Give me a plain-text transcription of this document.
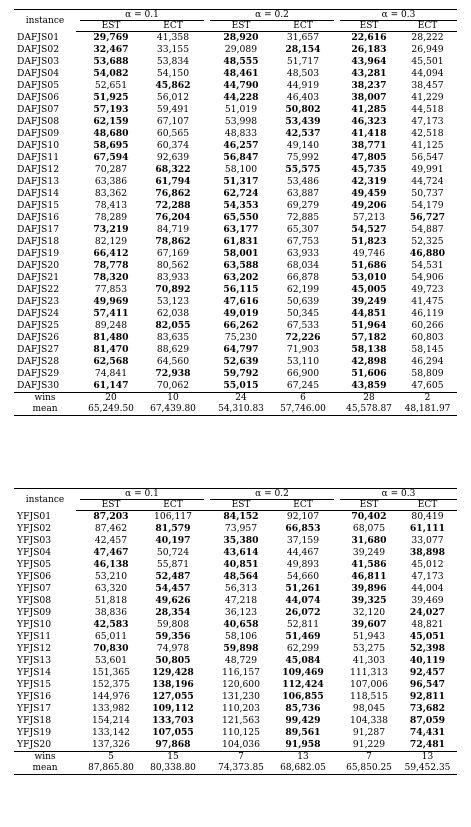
instance		α = 0.1			α = 0.2			α = 0.3	
		EST	ECT		EST	ECT		EST	ECT
DAFJS01		29,769	41,358		28,920	31,657		22,616	28,222
DAFJS02		32,467	33,155		29,089	28,154		26,183	26,949
DAFJS03		53,688	53,834		48,555	51,717		43,964	45,501
DAFJS04		54,082	54,150		48,461	48,503		43,281	44,094
DAFJS05		52,651	45,862		44,790	44,919		38,237	38,457
DAFJS06		51,925	56,012		44,228	46,403		38,007	41,229
DAFJS07		57,193	59,491		51,019	50,802		41,285	44,518
DAFJS08		62,159	67,107		53,998	53,439		46,323	47,173
DAFJS09		48,680	60,565		48,833	42,537		41,418	42,518
DAFJS10		58,695	60,374		46,257	49,140		38,771	41,125
DAFJS11		67,594	92,639		56,847	75,992		47,805	56,547
DAFJS12		70,287	68,322		58,100	55,575		45,735	49,991
DAFJS13		63,386	61,794		51,317	53,486		42,319	44,724
DAFJS14		83,362	76,862		62,724	63,887		49,459	50,737
DAFJS15		78,413	72,288		54,353	69,279		49,206	54,179
DAFJS16		78,289	76,204		65,550	72,885		57,213	56,727
DAFJS17		73,219	84,719		63,177	65,307		54,527	54,887
DAFJS18		82,129	78,862		61,831	67,753		51,823	52,325
DAFJS19		66,412	67,169		58,001	63,933		49,746	46,880
DAFJS20		78,778	80,562		63,588	68,034		51,686	54,531
DAFJS21		78,320	83,933		63,202	66,878		53,010	54,906
DAFJS22		77,853	70,892		56,115	62,199		45,005	49,723
DAFJS23		49,969	53,123		47,616	50,639		39,249	41,475
DAFJS24		57,411	62,038		49,019	50,345		44,851	46,119
DAFJS25		89,248	82,055		66,262	67,533		51,964	60,266
DAFJS26		81,480	83,635		75,230	72,226		57,182	60,803
DAFJS27		81,470	88,629		64,797	71,903		58,138	58,145
DAFJS28		62,568	64,560		52,639	53,110		42,898	46,294
DAFJS29		74,841	72,938		59,792	66,900		51,606	58,809
DAFJS30		61,147	70,062		55,015	67,245		43,859	47,605
wins		20	10		24	6		28	2
mean		65,249.50	67,439.80		54,310.83	57,746.00		45,578.87	48,181.97
instance		α = 0.1			α = 0.2			α = 0.3	
		EST	ECT		EST	ECT		EST	ECT
YFJS01		87,203	106,117		84,152	92,107		70,402	80,419
YFJS02		87,462	81,579		73,957	66,853		68,075	61,111
YFJS03		42,457	40,197		35,380	37,159		31,680	33,077
YFJS04		47,467	50,724		43,614	44,467		39,249	38,898
YFJS05		46,138	55,871		40,851	49,893		41,586	45,012
YFJS06		53,210	52,487		48,564	54,660		46,811	47,173
YFJS07		63,320	54,457		56,313	51,261		39,896	44,004
YFJS08		51,818	49,626		47,218	44,074		39,325	39,469
YFJS09		38,836	28,354		36,123	26,072		32,120	24,027
YFJS10		42,583	59,808		40,658	52,811		39,607	48,821
YFJS11		65,011	59,356		58,106	51,469		51,943	45,051
YFJS12		70,830	74,978		59,898	62,299		53,275	52,398
YFJS13		53,601	50,805		48,729	45,084		41,303	40,119
YFJS14		151,365	129,428		116,157	109,469		111,313	92,457
YFJS15		152,375	138,196		120,600	112,424		107,006	96,547
YFJS16		144,976	127,055		131,230	106,855		118,515	92,811
YFJS17		133,982	109,112		110,203	85,736		98,045	73,682
YFJS18		154,214	133,703		121,563	99,429		104,338	87,059
YFJS19		133,142	107,055		110,125	89,561		91,287	74,431
YFJS20		137,326	97,868		104,036	91,958		91,229	72,481
wins		5	15		7	13		7	13
mean		87,865.80	80,338.80		74,373.85	68,682.05		65,850.25	59,452.35
